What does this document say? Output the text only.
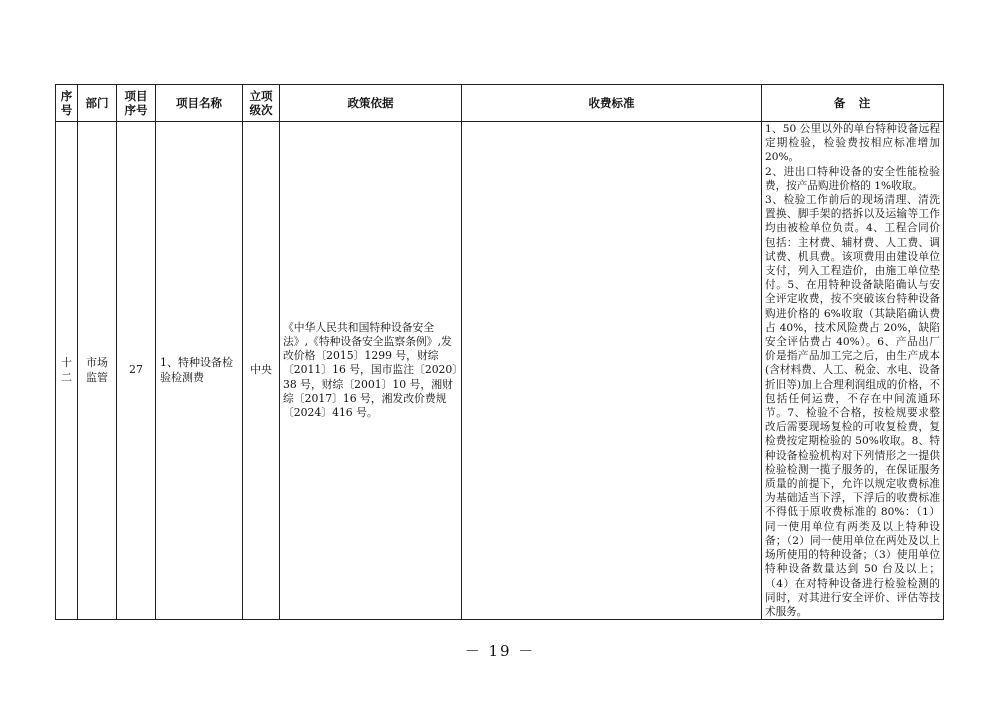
序号	部门	项目序号	项目名称	立项级次	政策依据	收费标准	备　注
十二	市场监管	27	1、特种设备检验检测费	中央	《中华人民共和国特种设备安全法》,《特种设备安全监察条例》,发改价格〔2015〕1299 号，财综〔2011〕16 号，国市监注〔2020〕38 号，财综〔2001〕10 号，湘财综〔2017〕16 号，湘发改价费规〔2024〕416 号。		1、50 公里以外的单台特种设备远程定期检验，检验费按相应标准增加 20%。
2、进出口特种设备的安全性能检验费，按产品购进价格的 1%收取。
3、检验工作前后的现场清理、清洗置换、脚手架的搭拆以及运输等工作均由被检单位负责。4、工程合同价包括：主材费、辅材费、人工费、调试费、机具费。该项费用由建设单位支付，列入工程造价，由施工单位垫付。5、在用特种设备缺陷确认与安全评定收费，按不突破该台特种设备购进价格的 6%收取（其缺陷确认费占 40%，技术风险费占 20%，缺陷安全评估费占 40%）。6、产品出厂价是指产品加工完之后，由生产成本(含材料费、人工、税金、水电、设备折旧等)加上合理利润组成的价格，不包括任何运费，不存在中间流通环节。7、检验不合格，按检规要求整改后需要现场复检的可收复检费，复检费按定期检验的 50%收取。8、特种设备检验机构对下列情形之一提供检验检测一揽子服务的，在保证服务质量的前提下，允许以规定收费标准为基础适当下浮，下浮后的收费标准不得低于原收费标准的 80%：（1）同一使用单位有两类及以上特种设备；（2）同一使用单位在两处及以上场所使用的特种设备；（3）使用单位特种设备数量达到 50 台及以上；（4）在对特种设备进行检验检测的同时，对其进行安全评价、评估等技术服务。
－ 19 －
